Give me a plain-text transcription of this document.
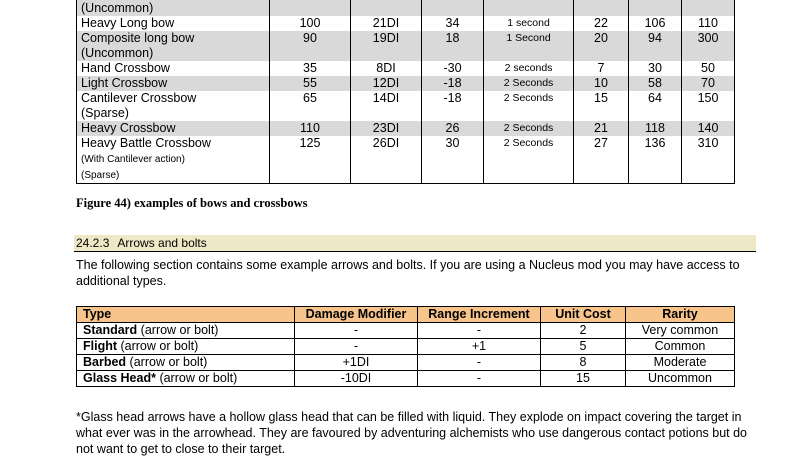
(Uncommon)							
Heavy Long bow	100	21DI	34	1 second	22	106	110
Composite long bow
(Uncommon)	90	19DI	18	1 Second	20	94	300
Hand Crossbow	35	8DI	-30	2 seconds	7	30	50
Light Crossbow	55	12DI	-18	2 Seconds	10	58	70
Cantilever Crossbow
(Sparse)	65	14DI	-18	2 Seconds	15	64	150
Heavy Crossbow	110	23DI	26	2 Seconds	21	118	140
Heavy Battle Crossbow
(With Cantilever action)
(Sparse)	125	26DI	30	2 Seconds	27	136	310
Figure 44) examples of bows and crossbows
24.2.3 Arrows and bolts
The following section contains some example arrows and bolts. If you are using a Nucleus mod you may have access to additional types.
Type	Damage Modifier	Range Increment	Unit Cost	Rarity
Standard (arrow or bolt)	-	-	2	Very common
Flight (arrow or bolt)	-	+1	5	Common
Barbed (arrow or bolt)	+1DI	-	8	Moderate
Glass Head* (arrow or bolt)	-10DI	-	15	Uncommon
*Glass head arrows have a hollow glass head that can be filled with liquid. They explode on impact covering the target in what ever was in the arrowhead. They are favoured by adventuring alchemists who use dangerous contact potions but do not want to get to close to their target.
